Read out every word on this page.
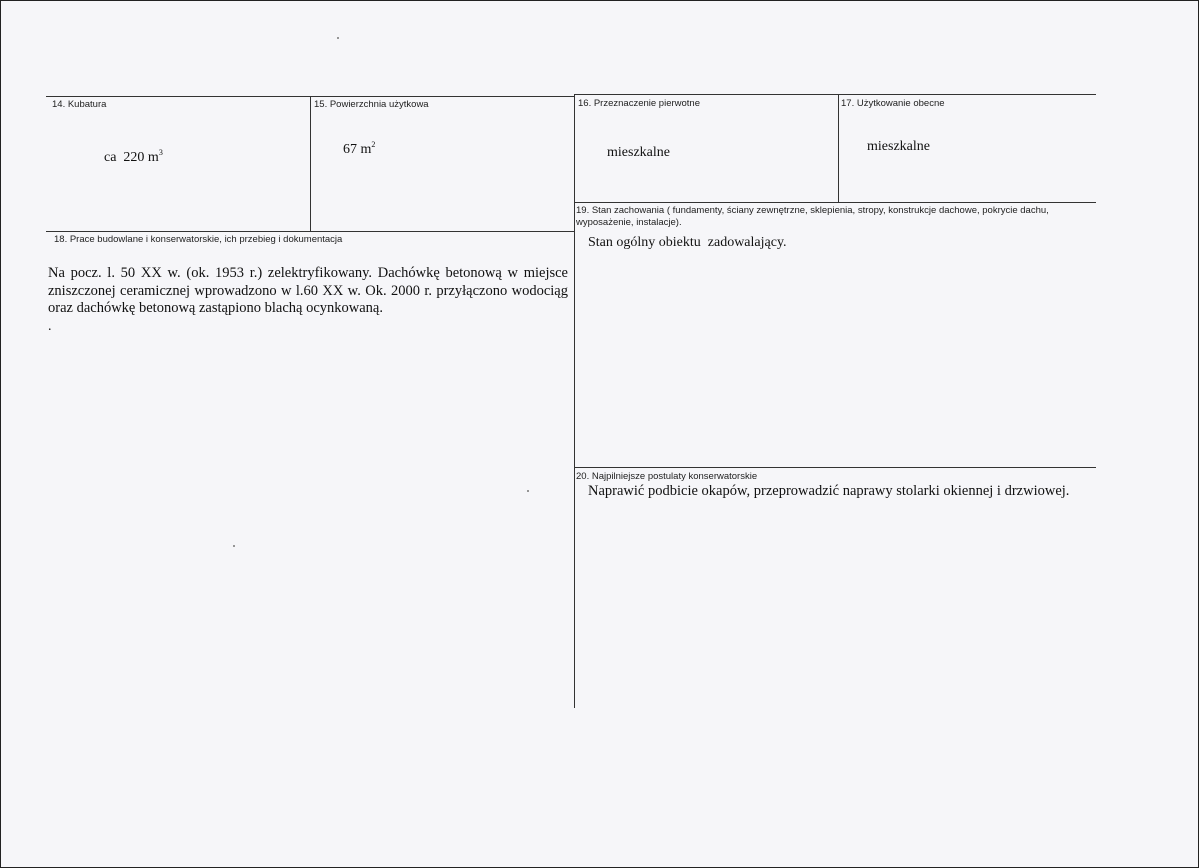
14. Kubatura
ca  220 $m^3$
15. Powierzchnia użytkowa
67 $m^2$
16. Przeznaczenie pierwotne
mieszkalne
17. Użytkowanie obecne
mieszkalne
19. Stan zachowania ( fundamenty, ściany zewnętrzne, sklepienia, stropy, konstrukcje dachowe, pokrycie dachu, wyposażenie, instalacje).
Stan ogólny obiektu  zadowalający.
18. Prace budowlane i konserwatorskie, ich przebieg i dokumentacja
Na pocz. l. 50 XX w. (ok. 1953 r.) zelektryfikowany. Dachówkę betonową w miejsce zniszczonej ceramicznej wprowadzono w l.60 XX w. Ok. 2000 r. przyłączono wodociąg oraz dachówkę betonową zastąpiono blachą ocynkowaną.
.
20. Najpilniejsze postulaty konserwatorskie
Naprawić podbicie okapów, przeprowadzić naprawy stolarki okiennej i drzwiowej.
